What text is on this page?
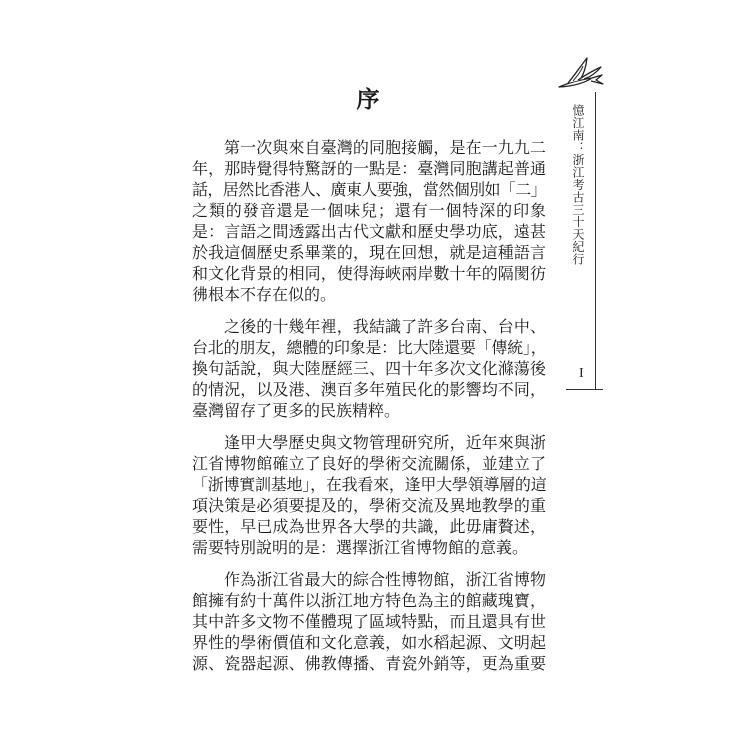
憶江南：浙江考古三十天紀行
I
序
第一次與來自臺灣的同胞接觸，是在一九九二
年，那時覺得特驚訝的一點是：臺灣同胞講起普通
話，居然比香港人、廣東人要強，當然個別如「二」
之類的發音還是一個味兒；還有一個特深的印象
是：言語之間透露出古代文獻和歷史學功底，遠甚
於我這個歷史系畢業的，現在回想，就是這種語言
和文化背景的相同，使得海峽兩岸數十年的隔閡彷
彿根本不存在似的。
之後的十幾年裡，我結識了許多台南、台中、
台北的朋友，總體的印象是：比大陸還要「傳統」，
換句話說，與大陸歷經三、四十年多次文化滌蕩後
的情況，以及港、澳百多年殖民化的影響均不同，
臺灣留存了更多的民族精粹。
逢甲大學歷史與文物管理研究所，近年來與浙
江省博物館確立了良好的學術交流關係，並建立了
「浙博實訓基地」，在我看來，逢甲大學領導層的這
項決策是必須要提及的，學術交流及異地教學的重
要性，早已成為世界各大學的共識，此毋庸贅述，
需要特別說明的是：選擇浙江省博物館的意義。
作為浙江省最大的綜合性博物館，浙江省博物
館擁有約十萬件以浙江地方特色為主的館藏瑰寶，
其中許多文物不僅體現了區域特點，而且還具有世
界性的學術價值和文化意義，如水稻起源、文明起
源、瓷器起源、佛教傳播、青瓷外銷等，更為重要
